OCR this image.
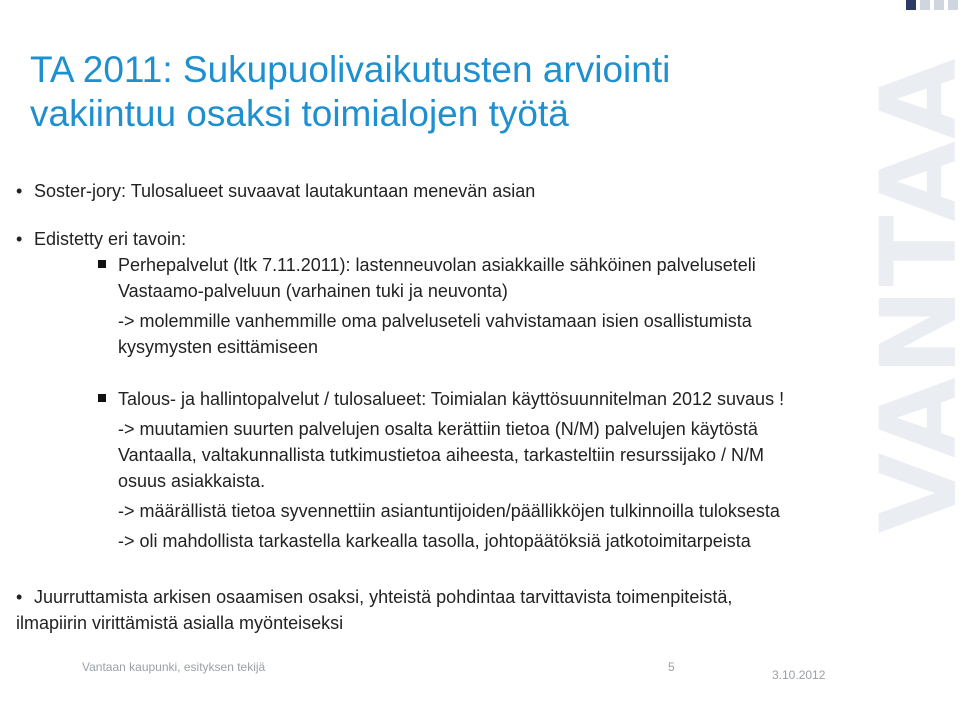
VANTAA
TA 2011: Sukupuolivaikutusten arviointi
vakiintuu osaksi toimialojen työtä
• Soster-jory: Tulosalueet suvaavat lautakuntaan menevän asian
• Edistetty eri tavoin:
Perhepalvelut (ltk 7.11.2011): lastenneuvolan asiakkaille sähköinen palveluseteli
Vastaamo-palveluun (varhainen tuki ja neuvonta)
-> molemmille vanhemmille oma palveluseteli vahvistamaan isien osallistumista
kysymysten esittämiseen
Talous- ja hallintopalvelut / tulosalueet: Toimialan käyttösuunnitelman 2012 suvaus !
-> muutamien suurten palvelujen osalta kerättiin tietoa (N/M) palvelujen käytöstä
Vantaalla, valtakunnallista tutkimustietoa aiheesta, tarkasteltiin resurssijako / N/M
osuus asiakkaista.
-> määrällistä tietoa syvennettiin asiantuntijoiden/päällikköjen tulkinnoilla tuloksesta
-> oli mahdollista tarkastella karkealla tasolla, johtopäätöksiä jatkotoimitarpeista
• Juurruttamista arkisen osaamisen osaksi, yhteistä pohdintaa tarvittavista toimenpiteistä,
ilmapiirin virittämistä asialla myönteiseksi
Vantaan kaupunki, esityksen tekijä	5
3.10.2012
